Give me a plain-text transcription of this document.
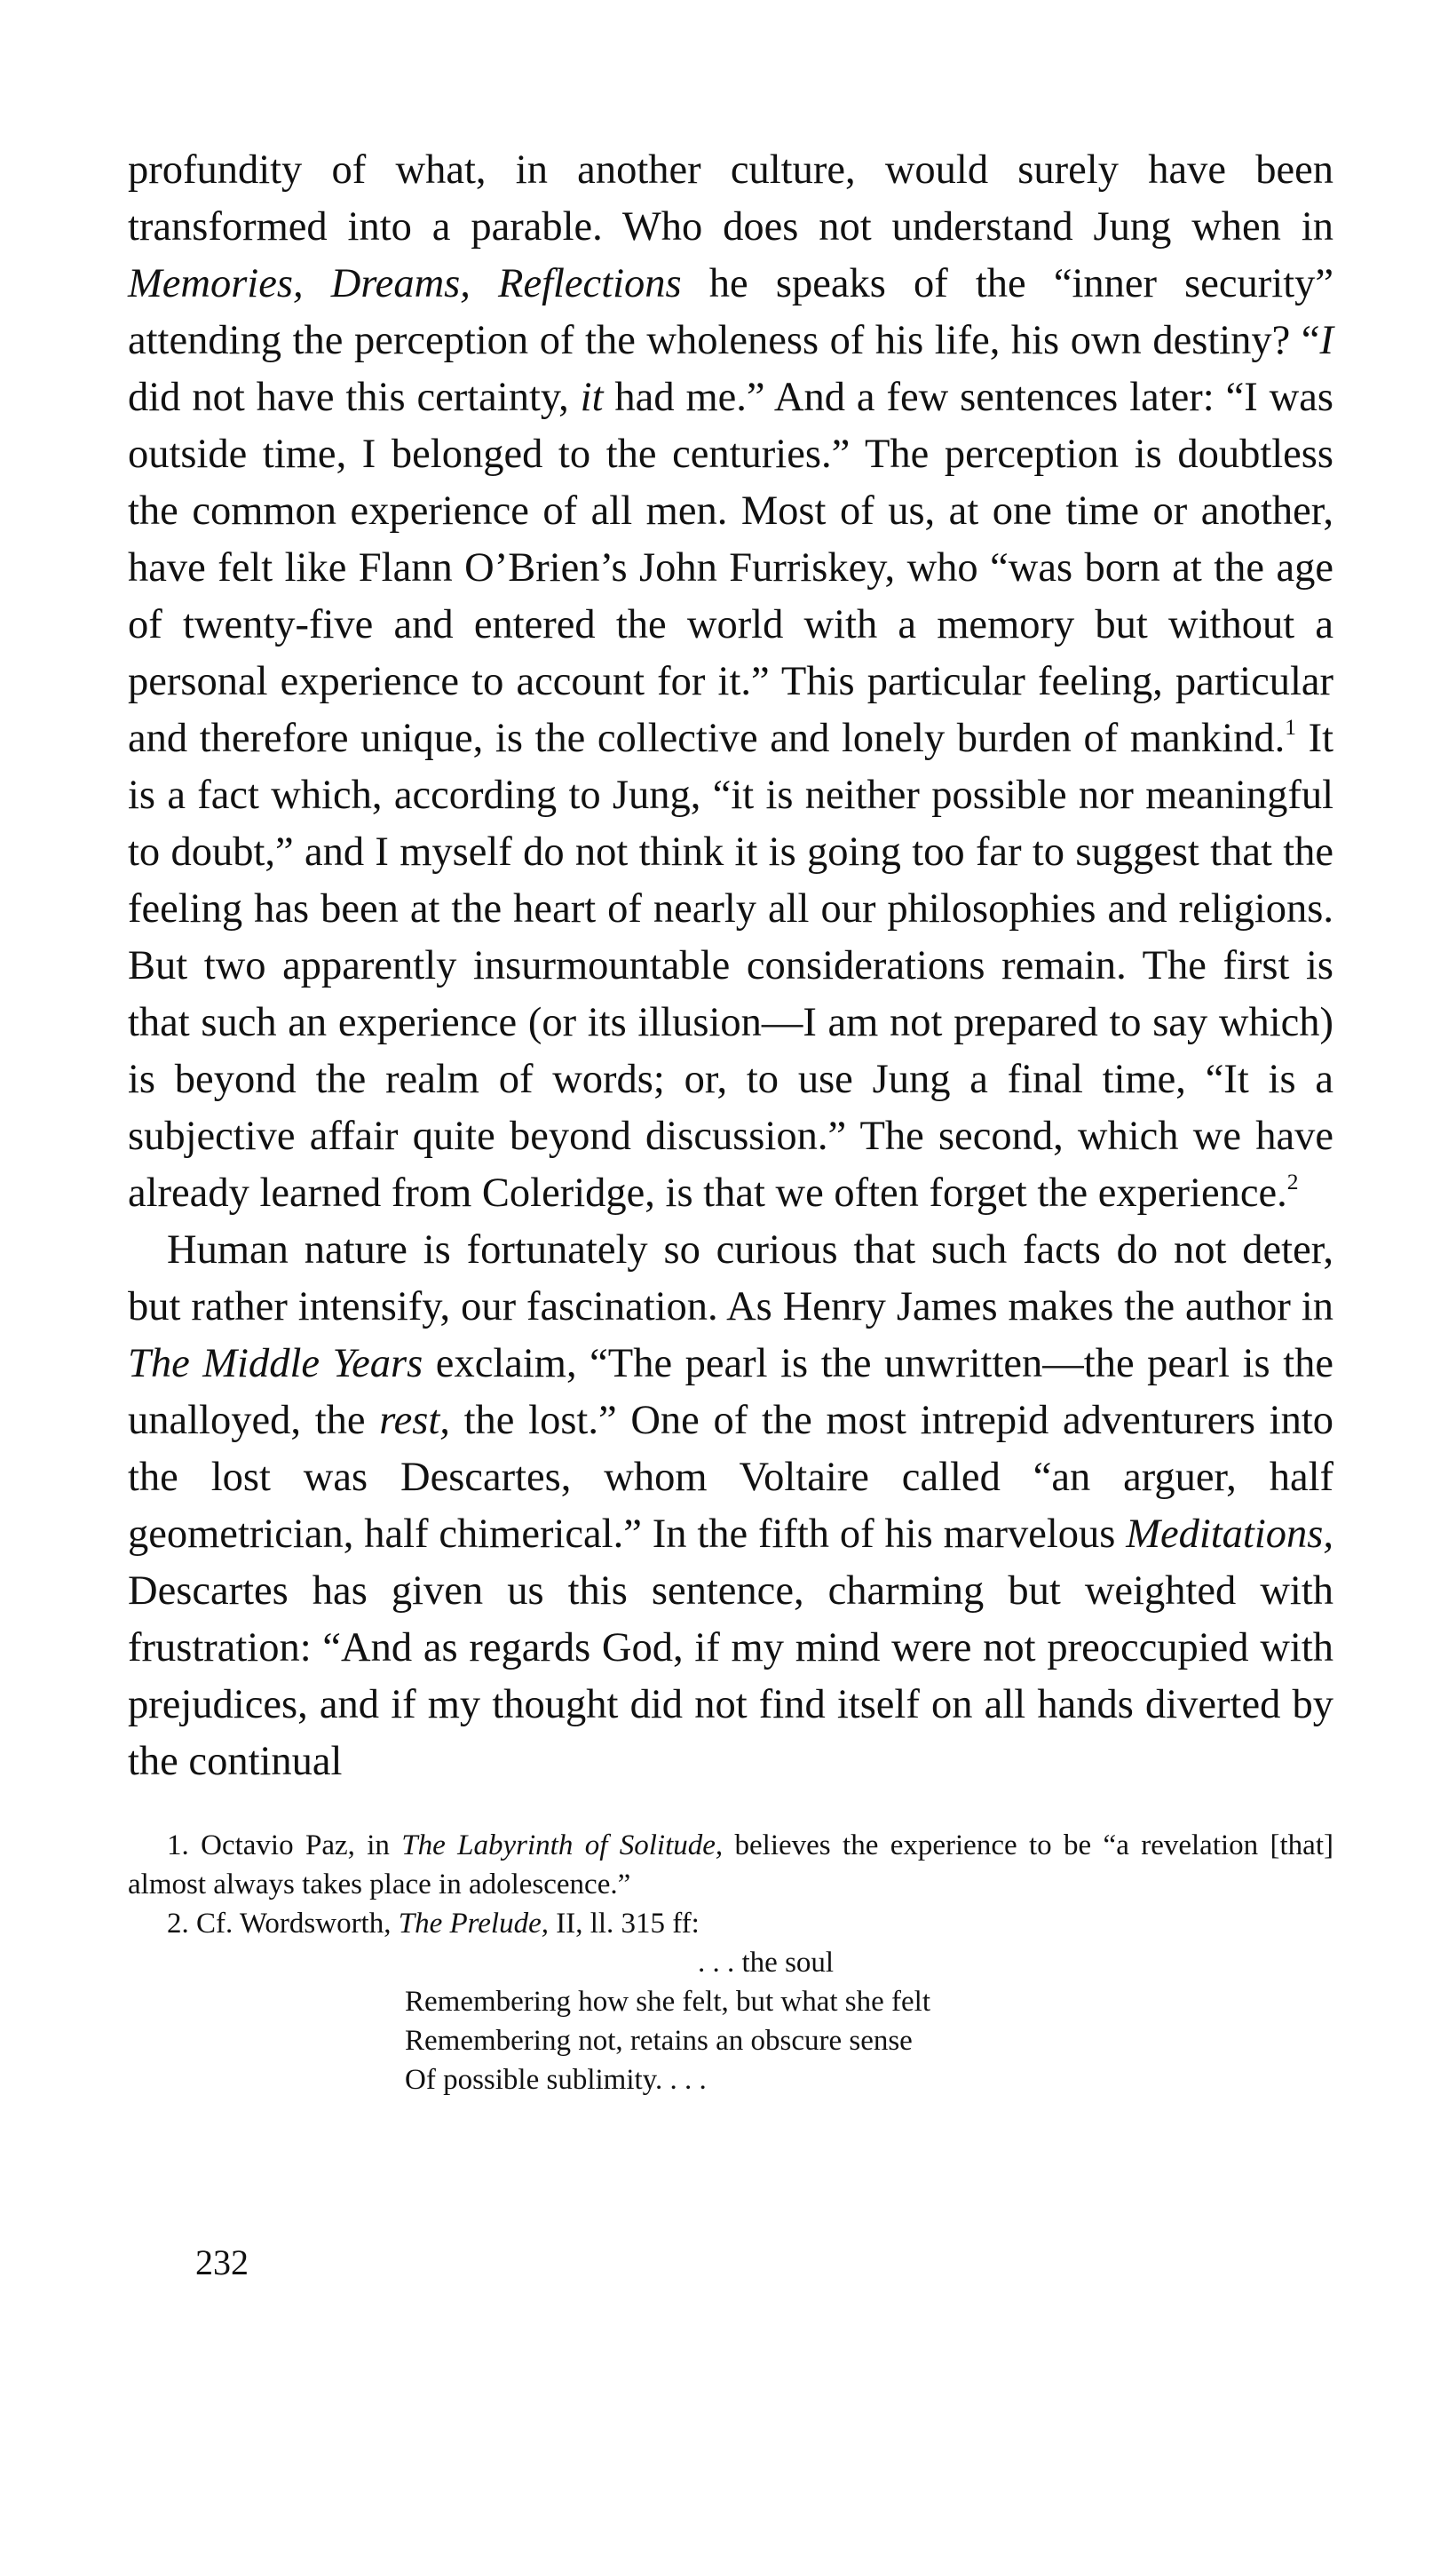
profundity of what, in another culture, would surely have been transformed into a parable. Who does not understand Jung when in Memories, Dreams, Reflections he speaks of the “inner security” attending the perception of the wholeness of his life, his own destiny? “I did not have this certainty, it had me.” And a few sentences later: “I was outside time, I belonged to the centuries.” The perception is doubtless the common experience of all men. Most of us, at one time or another, have felt like Flann O’Brien’s John Furriskey, who “was born at the age of twenty-five and entered the world with a memory but without a personal experience to account for it.” This particular feeling, particular and therefore unique, is the collective and lonely burden of mankind.$^1$ It is a fact which, according to Jung, “it is neither possible nor meaningful to doubt,” and I myself do not think it is going too far to suggest that the feeling has been at the heart of nearly all our philosophies and religions. But two apparently insurmountable considerations remain. The first is that such an experience (or its illusion—I am not prepared to say which) is beyond the realm of words; or, to use Jung a final time, “It is a subjective affair quite beyond discussion.” The second, which we have already learned from Coleridge, is that we often forget the experience.$^2$

Human nature is fortunately so curious that such facts do not deter, but rather intensify, our fascination. As Henry James makes the author in The Middle Years exclaim, “The pearl is the unwritten—the pearl is the unalloyed, the rest, the lost.” One of the most intrepid adventurers into the lost was Descartes, whom Voltaire called “an arguer, half geometrician, half chimerical.” In the fifth of his marvelous Meditations, Descartes has given us this sentence, charming but weighted with frustration: “And as regards God, if my mind were not preoccupied with prejudices, and if my thought did not find itself on all hands diverted by the continual

1. Octavio Paz, in The Labyrinth of Solitude, believes the experience to be “a revelation [that] almost always takes place in adolescence.”

2. Cf. Wordsworth, The Prelude, II, ll. 315 ff:

. . . the soul
Remembering how she felt, but what she felt
Remembering not, retains an obscure sense
Of possible sublimity. . . .

232
